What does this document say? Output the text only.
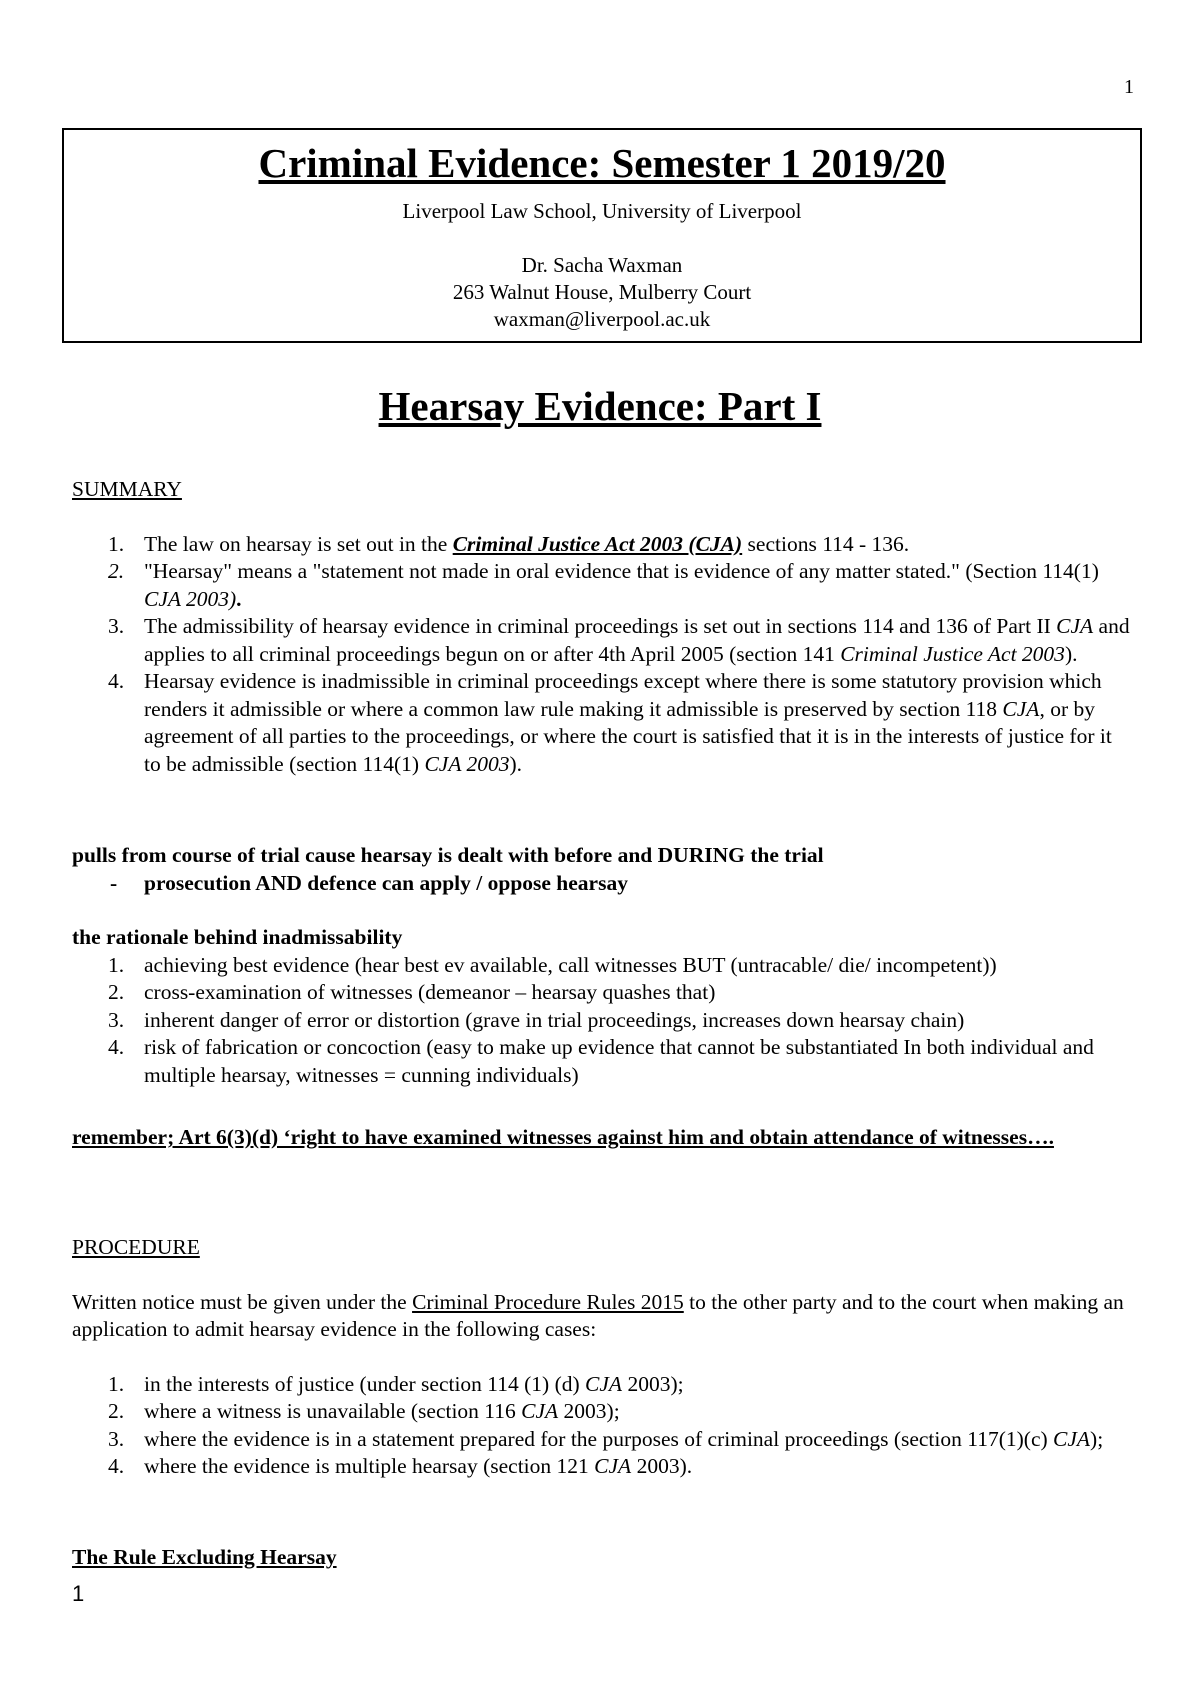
1
Criminal Evidence: Semester 1 2019/20
Liverpool Law School, University of Liverpool
Dr. Sacha Waxman
263 Walnut House, Mulberry Court
waxman@liverpool.ac.uk
Hearsay Evidence: Part I
SUMMARY
1. The law on hearsay is set out in the Criminal Justice Act 2003 (CJA) sections 114 - 136.
2. "Hearsay" means a "statement not made in oral evidence that is evidence of any matter stated." (Section 114(1) CJA 2003).
3. The admissibility of hearsay evidence in criminal proceedings is set out in sections 114 and 136 of Part II CJA and applies to all criminal proceedings begun on or after 4th April 2005 (section 141 Criminal Justice Act 2003).
4. Hearsay evidence is inadmissible in criminal proceedings except where there is some statutory provision which renders it admissible or where a common law rule making it admissible is preserved by section 118 CJA, or by agreement of all parties to the proceedings, or where the court is satisfied that it is in the interests of justice for it to be admissible (section 114(1) CJA 2003).
pulls from course of trial cause hearsay is dealt with before and DURING the trial
- prosecution AND defence can apply / oppose hearsay
the rationale behind inadmissability
1. achieving best evidence (hear best ev available, call witnesses BUT (untracable/ die/ incompetent))
2. cross-examination of witnesses (demeanor – hearsay quashes that)
3. inherent danger of error or distortion (grave in trial proceedings, increases down hearsay chain)
4. risk of fabrication or concoction (easy to make up evidence that cannot be substantiated In both individual and multiple hearsay, witnesses = cunning individuals)
remember; Art 6(3)(d) ‘right to have examined witnesses against him and obtain attendance of witnesses….
PROCEDURE
Written notice must be given under the Criminal Procedure Rules 2015 to the other party and to the court when making an application to admit hearsay evidence in the following cases:
1. in the interests of justice (under section 114 (1) (d) CJA 2003);
2. where a witness is unavailable (section 116 CJA 2003);
3. where the evidence is in a statement prepared for the purposes of criminal proceedings (section 117(1)(c) CJA);
4. where the evidence is multiple hearsay (section 121 CJA 2003).
The Rule Excluding Hearsay
1
